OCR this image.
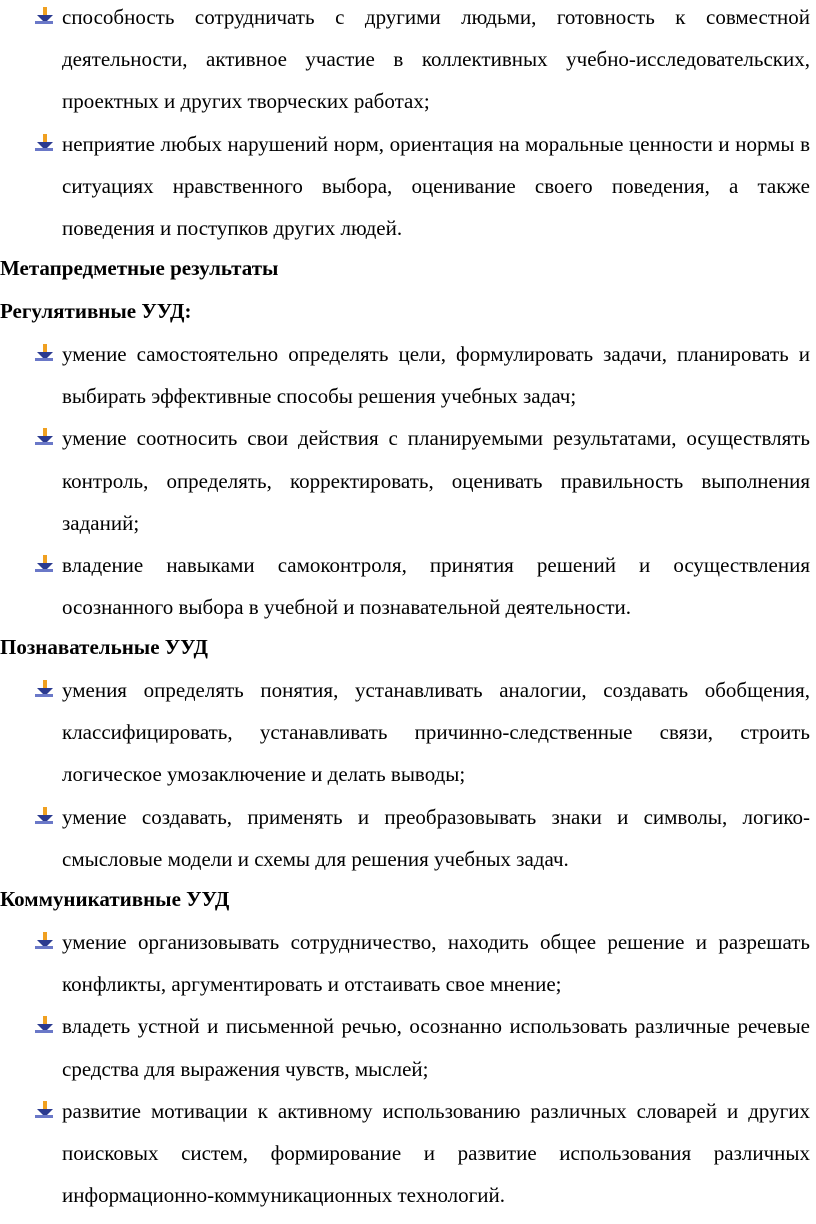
способность сотрудничать с другими людьми, готовность к совместной деятельности, активное участие в коллективных учебно-исследовательских, проектных и других творческих работах;
неприятие любых нарушений норм, ориентация на моральные ценности и нормы в ситуациях нравственного выбора, оценивание своего поведения, а также поведения и поступков других людей.
Метапредметные результаты
Регулятивные УУД:
умение самостоятельно определять цели, формулировать задачи, планировать и выбирать эффективные способы решения учебных задач;
умение соотносить свои действия с планируемыми результатами, осуществлять контроль, определять, корректировать, оценивать правильность выполнения заданий;
владение навыками самоконтроля, принятия решений и осуществления осознанного выбора в учебной и познавательной деятельности.
Познавательные УУД
умения определять понятия, устанавливать аналогии, создавать обобщения, классифицировать, устанавливать причинно-следственные связи, строить логическое умозаключение и делать выводы;
умение создавать, применять и преобразовывать знаки и символы, логико-смысловые модели и схемы для решения учебных задач.
Коммуникативные УУД
умение организовывать сотрудничество, находить общее решение и разрешать конфликты, аргументировать и отстаивать свое мнение;
владеть устной и письменной речью, осознанно использовать различные речевые средства для выражения чувств, мыслей;
развитие мотивации к активному использованию различных словарей и других поисковых систем, формирование и развитие использования различных информационно-коммуникационных технологий.
